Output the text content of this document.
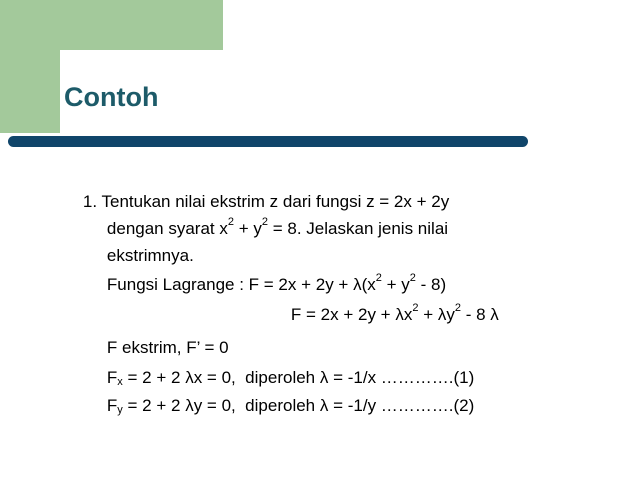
Contoh

1. Tentukan nilai ekstrim z dari fungsi z = 2x + 2y

dengan syarat $x^2 + y^2 = 8$. Jelaskan jenis nilai

ekstrimnya.

Fungsi Lagrange : $F = 2x + 2y + \lambda(x^2 + y^2 - 8)$

$F = 2x + 2y + \lambda x^2 + \lambda y^2 - 8$ λ

F ekstrim, F’ = 0

Fx = 2 + 2 λx = 0,  diperoleh λ = -1/x ………….(1)

Fy = 2 + 2 λy = 0,  diperoleh λ = -1/y ………….(2)
